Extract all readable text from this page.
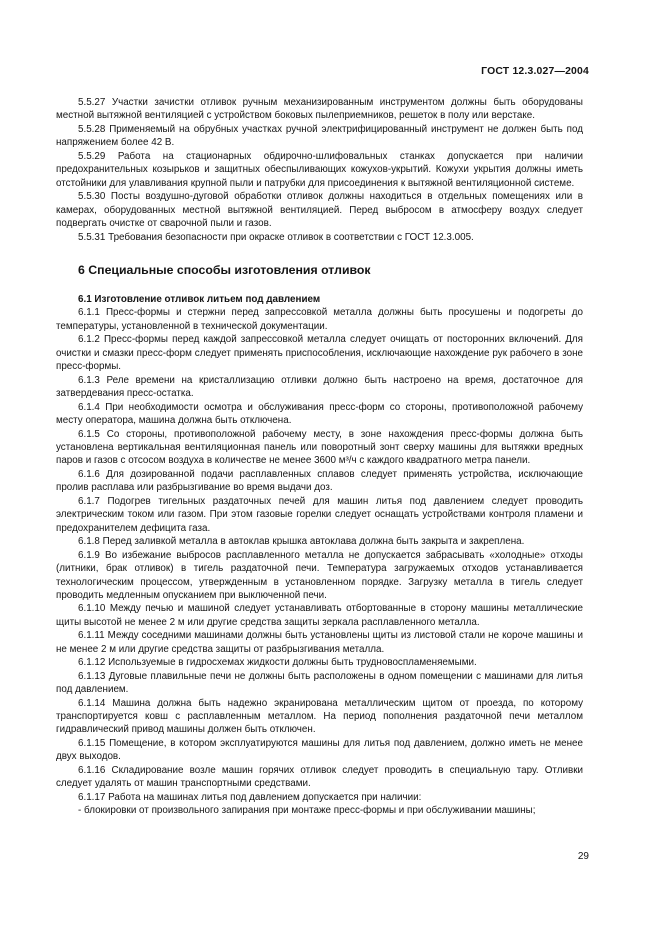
ГОСТ 12.3.027—2004

5.5.27 Участки зачистки отливок ручным механизированным инструментом должны быть оборудованы местной вытяжной вентиляцией с устройством боковых пылеприемников, решеток в полу или верстаке.

5.5.28 Применяемый на обрубных участках ручной электрифицированный инструмент не должен быть под напряжением более 42 В.

5.5.29 Работа на стационарных обдирочно-шлифовальных станках допускается при наличии предохранительных козырьков и защитных обеспыливающих кожухов-укрытий. Кожухи укрытия должны иметь отстойники для улавливания крупной пыли и патрубки для присоединения к вытяжной вентиляционной системе.

5.5.30 Посты воздушно-дуговой обработки отливок должны находиться в отдельных помещениях или в камерах, оборудованных местной вытяжной вентиляцией. Перед выбросом в атмосферу воздух следует подвергать очистке от сварочной пыли и газов.

5.5.31 Требования безопасности при окраске отливок в соответствии с ГОСТ 12.3.005.

6 Специальные способы изготовления отливок
6.1 Изготовление отливок литьем под давлением

6.1.1 Пресс-формы и стержни перед запрессовкой металла должны быть просушены и подогреты до температуры, установленной в технической документации.

6.1.2 Пресс-формы перед каждой запрессовкой металла следует очищать от посторонних включений. Для очистки и смазки пресс-форм следует применять приспособления, исключающие нахождение рук рабочего в зоне пресс-формы.

6.1.3 Реле времени на кристаллизацию отливки должно быть настроено на время, достаточное для затвердевания пресс-остатка.

6.1.4 При необходимости осмотра и обслуживания пресс-форм со стороны, противоположной рабочему месту оператора, машина должна быть отключена.

6.1.5 Со стороны, противоположной рабочему месту, в зоне нахождения пресс-формы должна быть установлена вертикальная вентиляционная панель или поворотный зонт сверху машины для вытяжки вредных паров и газов с отсосом воздуха в количестве не менее 3600 м³/ч с каждого квадратного метра панели.

6.1.6 Для дозированной подачи расплавленных сплавов следует применять устройства, исключающие пролив расплава или разбрызгивание во время выдачи доз.

6.1.7 Подогрев тигельных раздаточных печей для машин литья под давлением следует проводить электрическим током или газом. При этом газовые горелки следует оснащать устройствами контроля пламени и предохранителем дефицита газа.

6.1.8 Перед заливкой металла в автоклав крышка автоклава должна быть закрыта и закреплена.

6.1.9 Во избежание выбросов расплавленного металла не допускается забрасывать «холодные» отходы (литники, брак отливок) в тигель раздаточной печи. Температура загружаемых отходов устанавливается технологическим процессом, утвержденным в установленном порядке. Загрузку металла в тигель следует проводить медленным опусканием при выключенной печи.

6.1.10 Между печью и машиной следует устанавливать отбортованные в сторону машины металлические щиты высотой не менее 2 м или другие средства защиты зеркала расплавленного металла.

6.1.11 Между соседними машинами должны быть установлены щиты из листовой стали не короче машины и не менее 2 м или другие средства защиты от разбрызгивания металла.

6.1.12 Используемые в гидросхемах жидкости должны быть трудновоспламеняемыми.

6.1.13 Дуговые плавильные печи не должны быть расположены в одном помещении с машинами для литья под давлением.

6.1.14 Машина должна быть надежно экранирована металлическим щитом от проезда, по которому транспортируется ковш с расплавленным металлом. На период пополнения раздаточной печи металлом гидравлический привод машины должен быть отключен.

6.1.15 Помещение, в котором эксплуатируются машины для литья под давлением, должно иметь не менее двух выходов.

6.1.16 Складирование возле машин горячих отливок следует проводить в специальную тару. Отливки следует удалять от машин транспортными средствами.

6.1.17 Работа на машинах литья под давлением допускается при наличии:

- блокировки от произвольного запирания при монтаже пресс-формы и при обслуживании машины;

29
